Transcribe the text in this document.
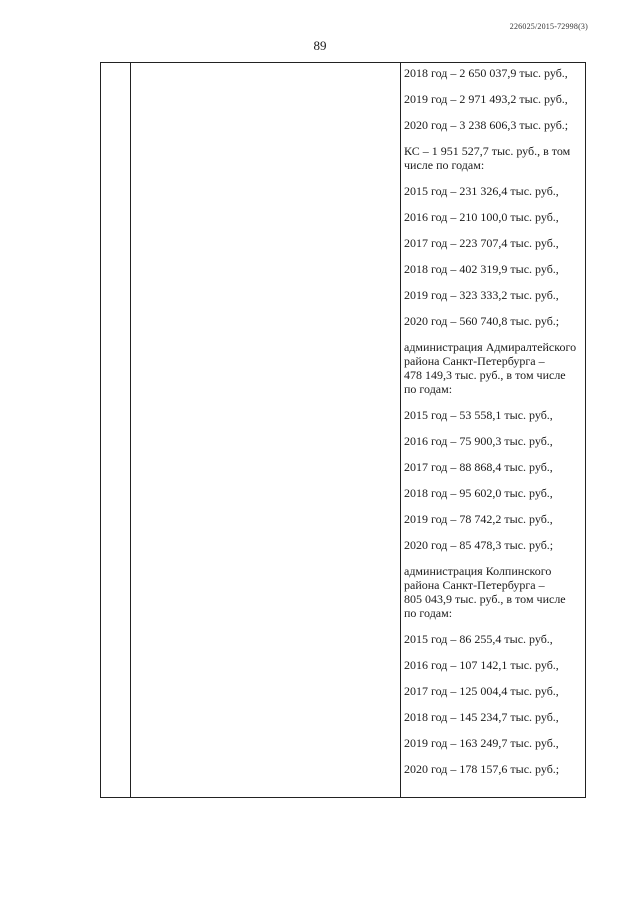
226025/2015-72998(3)
89

2018 год – 2 650 037,9 тыс. руб.,

2019 год – 2 971 493,2 тыс. руб.,

2020 год – 3 238 606,3 тыс. руб.;

КС – 1 951 527,7 тыс. руб., в том
числе по годам:

2015 год – 231 326,4 тыс. руб.,

2016 год – 210 100,0 тыс. руб.,

2017 год – 223 707,4 тыс. руб.,

2018 год – 402 319,9 тыс. руб.,

2019 год – 323 333,2 тыс. руб.,

2020 год – 560 740,8 тыс. руб.;

администрация Адмиралтейского
района Санкт-Петербурга –
478 149,3 тыс. руб., в том числе
по годам:

2015 год – 53 558,1 тыс. руб.,

2016 год – 75 900,3 тыс. руб.,

2017 год – 88 868,4 тыс. руб.,

2018 год – 95 602,0 тыс. руб.,

2019 год – 78 742,2 тыс. руб.,

2020 год – 85 478,3 тыс. руб.;

администрация Колпинского
района Санкт-Петербурга –
805 043,9 тыс. руб., в том числе
по годам:

2015 год – 86 255,4 тыс. руб.,

2016 год – 107 142,1 тыс. руб.,

2017 год – 125 004,4 тыс. руб.,

2018 год – 145 234,7 тыс. руб.,

2019 год – 163 249,7 тыс. руб.,

2020 год – 178 157,6 тыс. руб.;
